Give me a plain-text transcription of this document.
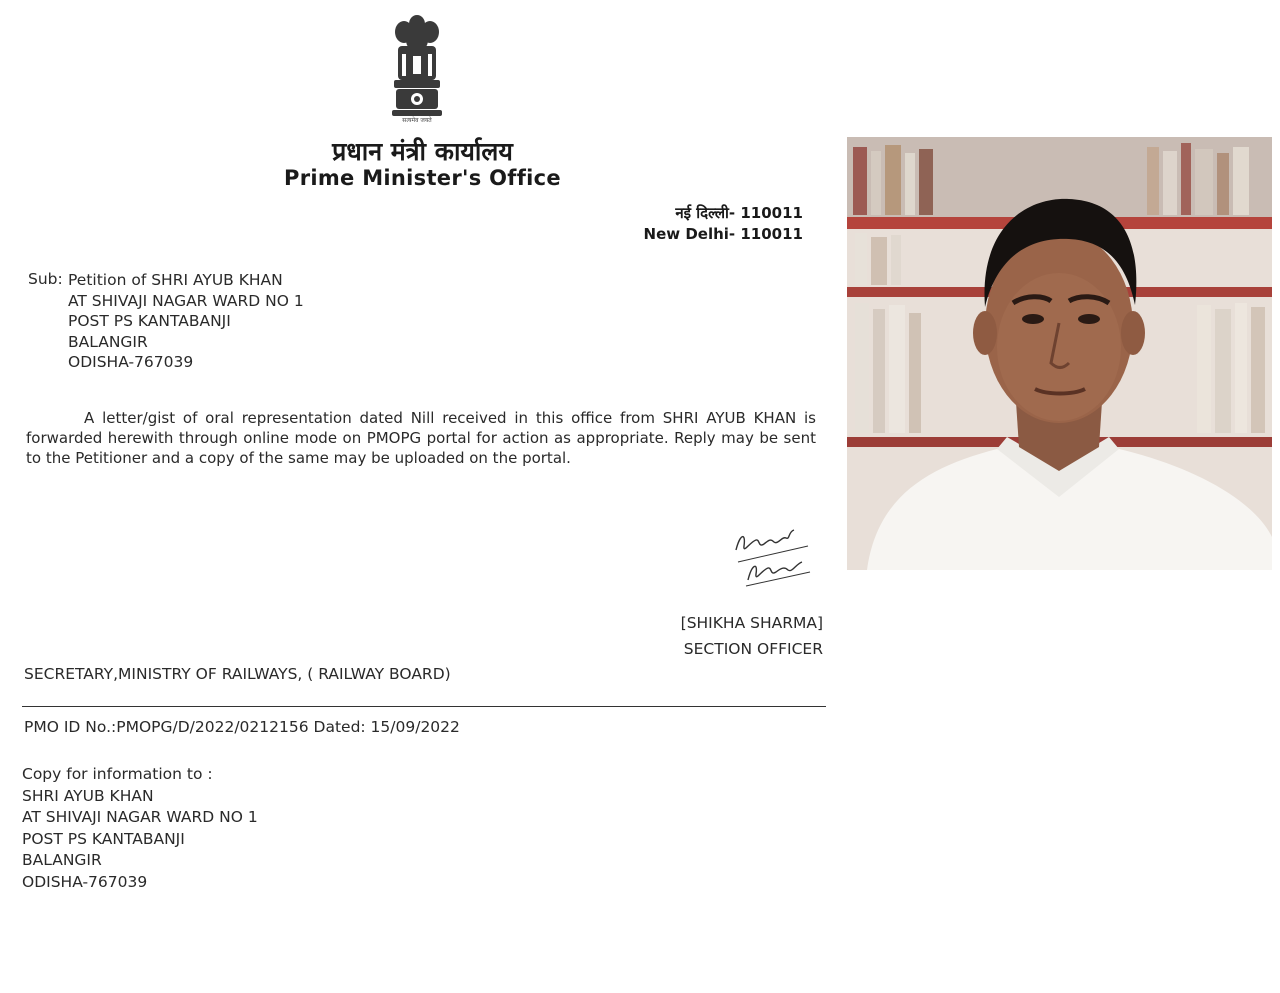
सत्यमेव जयते
प्रधान मंत्री कार्यालय
Prime Minister's Office
नई दिल्ली- 110011
New Delhi- 110011
Sub: Petition of SHRI AYUB KHAN
AT SHIVAJI NAGAR WARD NO 1
POST PS KANTABANJI
BALANGIR
ODISHA-767039
A letter/gist of oral representation dated Nill received in this office from SHRI AYUB KHAN is forwarded herewith through online mode on PMOPG portal for action as appropriate. Reply may be sent to the Petitioner and a copy of the same may be uploaded on the portal.
[SHIKHA SHARMA]
SECTION OFFICER
SECRETARY,MINISTRY OF RAILWAYS, ( RAILWAY BOARD)
PMO ID No.:PMOPG/D/2022/0212156 Dated: 15/09/2022
Copy for information to :
SHRI AYUB KHAN
AT SHIVAJI NAGAR WARD NO 1
POST PS KANTABANJI
BALANGIR
ODISHA-767039
